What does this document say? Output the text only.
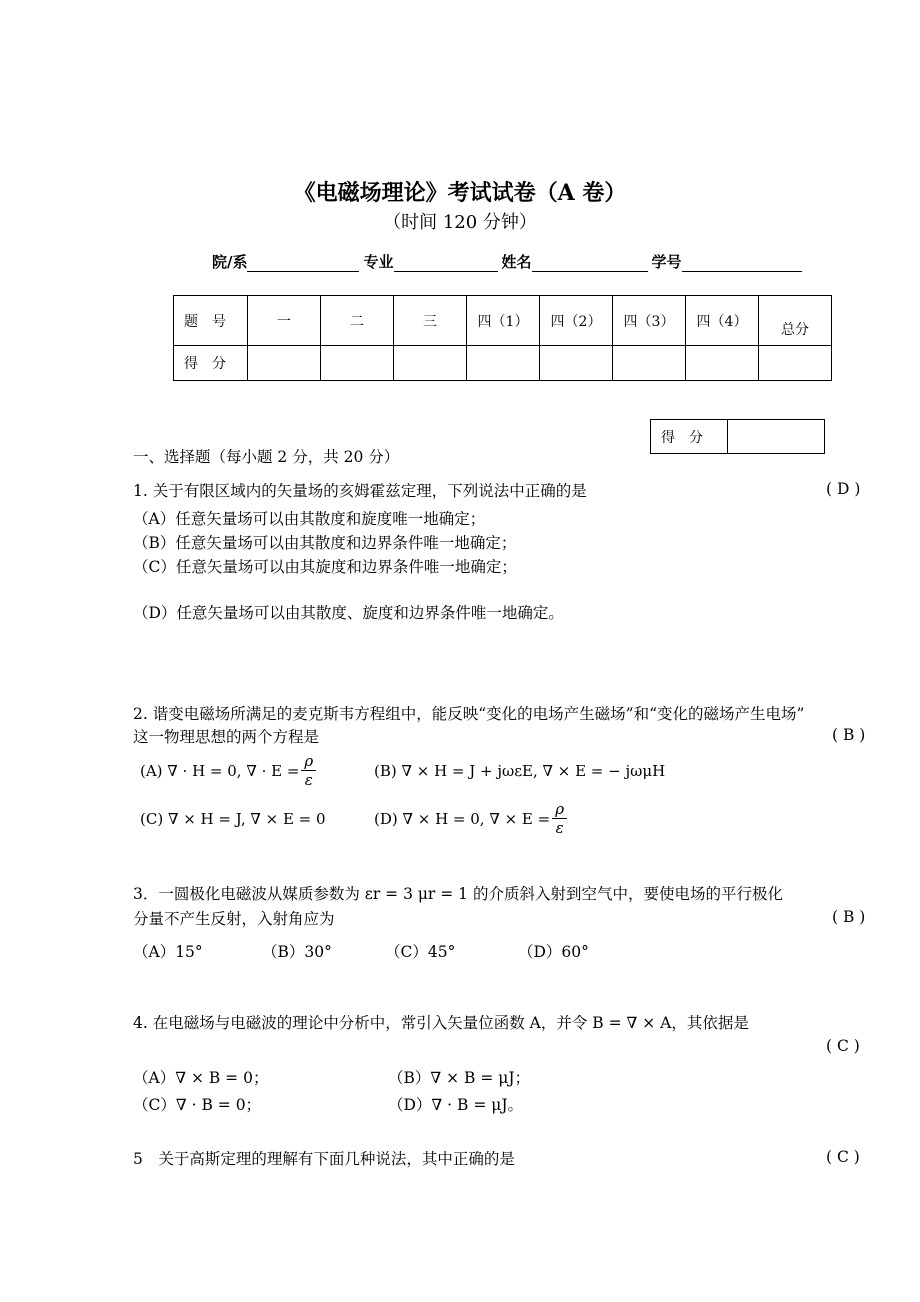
《电磁场理论》考试试卷（A 卷）
（时间 120 分钟）
院/系	专业	姓名	学号
题　号	一	二	三	四（1）	四（2）	四（3）	四（4）	总分
得　分								
得　分	
一、选择题（每小题 2 分，共 20 分）
1. 关于有限区域内的矢量场的亥姆霍兹定理，下列说法中正确的是	( D )
（A）任意矢量场可以由其散度和旋度唯一地确定；
（B）任意矢量场可以由其散度和边界条件唯一地确定；
（C）任意矢量场可以由其旋度和边界条件唯一地确定；
（D）任意矢量场可以由其散度、旋度和边界条件唯一地确定。
2. 谐变电磁场所满足的麦克斯韦方程组中，能反映“变化的电场产生磁场”和“变化的磁场产生电场”
这一物理思想的两个方程是	( B )
(A) ∇ · H = 0, ∇ · $E = \frac{\rho}{\varepsilon}$	(B) ∇ × H = J + jωεE, ∇ × E = − jωμH
(C) ∇ × H = J, ∇ × E = 0	(D) ∇ × H = 0, ∇ × $E = \frac{\rho}{\varepsilon}$
3．一圆极化电磁波从媒质参数为 εr = 3 μr = 1 的介质斜入射到空气中，要使电场的平行极化
分量不产生反射，入射角应为	( B )
（A）15°	（B）30°	（C）45°	（D）60°
4. 在电磁场与电磁波的理论中分析中，常引入矢量位函数 A，并令 B = ∇ × A，其依据是
( C )
（A）∇ × B = 0；	（B）∇ × B = μJ；
（C）∇ · B = 0；	（D）∇ · B = μJ。
5　关于高斯定理的理解有下面几种说法，其中正确的是	( C )
